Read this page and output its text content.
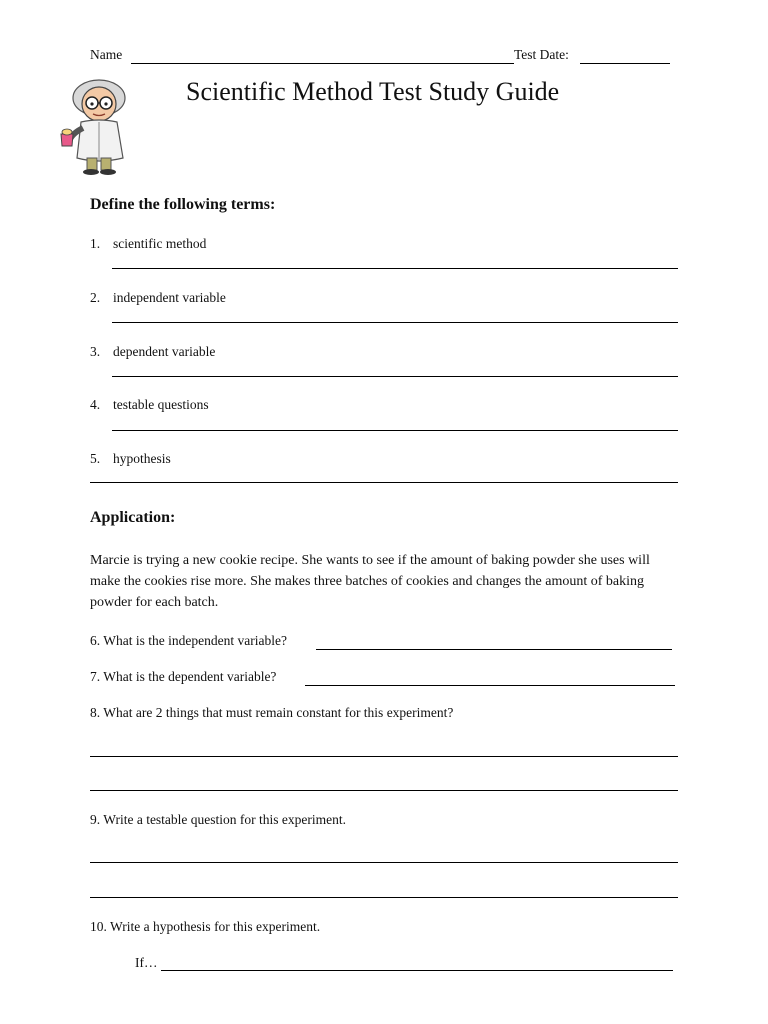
Name	Test Date:
Scientific Method Test Study Guide
Define the following terms:
1. scientific method
2. independent variable
3. dependent variable
4. testable questions
5. hypothesis
Application:
Marcie is trying a new cookie recipe. She wants to see if the amount of baking powder she uses will make the cookies rise more. She makes three batches of cookies and changes the amount of baking powder for each batch.
6. What is the independent variable?
7. What is the dependent variable?
8. What are 2 things that must remain constant for this experiment?
9. Write a testable question for this experiment.
10. Write a hypothesis for this experiment.
If…
